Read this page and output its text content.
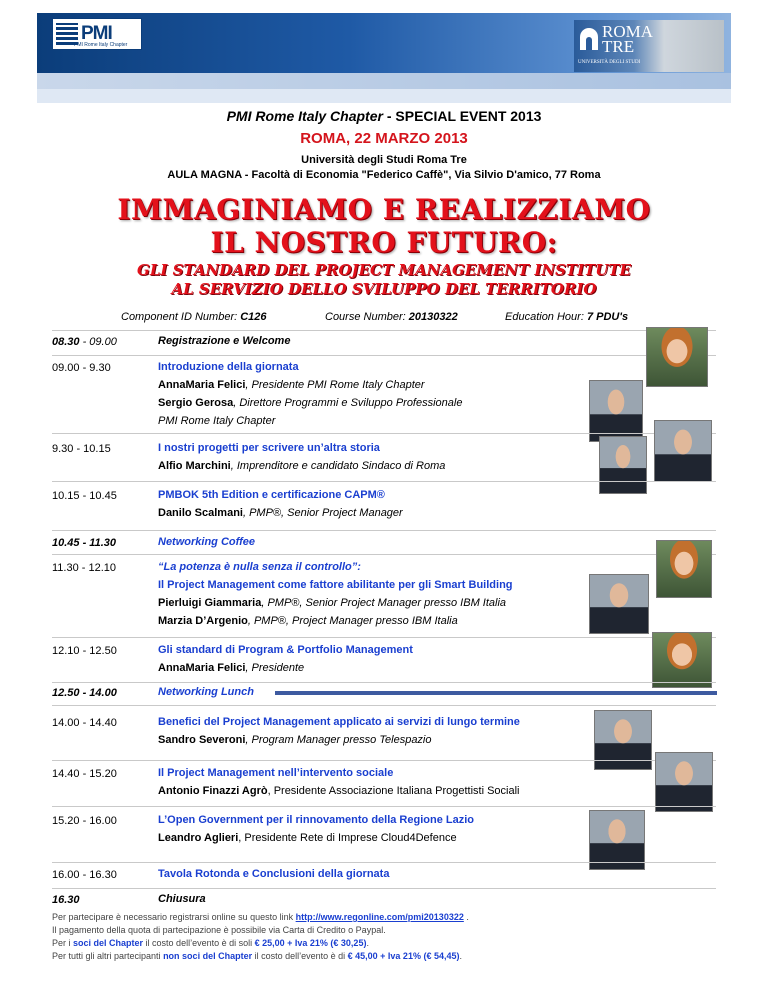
PMI
PMI Rome Italy Chapter
ROMA
TRE
UNIVERSITÀ DEGLI STUDI
PMI Rome Italy Chapter - SPECIAL EVENT 2013
ROMA, 22 MARZO 2013
Università degli Studi Roma Tre
AULA MAGNA - Facoltà di Economia "Federico Caffè", Via Silvio D'amico, 77 Roma
IMMAGINIAMO E REALIZZIAMO
IL NOSTRO FUTURO:
GLI STANDARD DEL PROJECT MANAGEMENT INSTITUTE
AL SERVIZIO DELLO SVILUPPO DEL TERRITORIO
Component ID Number: C126	Course Number: 20130322	Education Hour: 7 PDU's
08.30 - 09.00	Registrazione e Welcome
09.00 - 9.30	Introduzione della giornata
AnnaMaria Felici, Presidente PMI Rome Italy Chapter
Sergio Gerosa, Direttore Programmi e Sviluppo Professionale
PMI Rome Italy Chapter
9.30 - 10.15	I nostri progetti per scrivere un’altra storia
Alfio Marchini, Imprenditore e candidato Sindaco di Roma
10.15 - 10.45	PMBOK 5th Edition e certificazione CAPM®
Danilo Scalmani, PMP®, Senior Project Manager
10.45 - 11.30	Networking Coffee
11.30 - 12.10	“La potenza è nulla senza il controllo”:
Il Project Management come fattore abilitante per gli Smart Building
Pierluigi Giammaria, PMP®, Senior Project Manager presso IBM Italia
Marzia D’Argenio, PMP®, Project Manager presso IBM Italia
12.10 - 12.50	Gli standard di Program & Portfolio Management
AnnaMaria Felici, Presidente
12.50 - 14.00	Networking Lunch
14.00 - 14.40	Benefici del Project Management applicato ai servizi di lungo termine
Sandro Severoni, Program Manager presso Telespazio
14.40 - 15.20	Il Project Management nell’intervento sociale
Antonio Finazzi Agrò, Presidente Associazione Italiana Progettisti Sociali
15.20 - 16.00	L’Open Government per il rinnovamento della Regione Lazio
Leandro Aglieri, Presidente Rete di Imprese Cloud4Defence
16.00 - 16.30	Tavola Rotonda e Conclusioni della giornata
16.30	Chiusura
Per partecipare è necessario registrarsi online su questo link http://www.regonline.com/pmi20130322 .
Il pagamento della quota di partecipazione è possibile via Carta di Credito o Paypal.
Per i soci del Chapter il costo dell’evento è di soli € 25,00 + Iva 21% (€ 30,25).
Per tutti gli altri partecipanti non soci del Chapter il costo dell’evento è di € 45,00 + Iva 21% (€ 54,45).
